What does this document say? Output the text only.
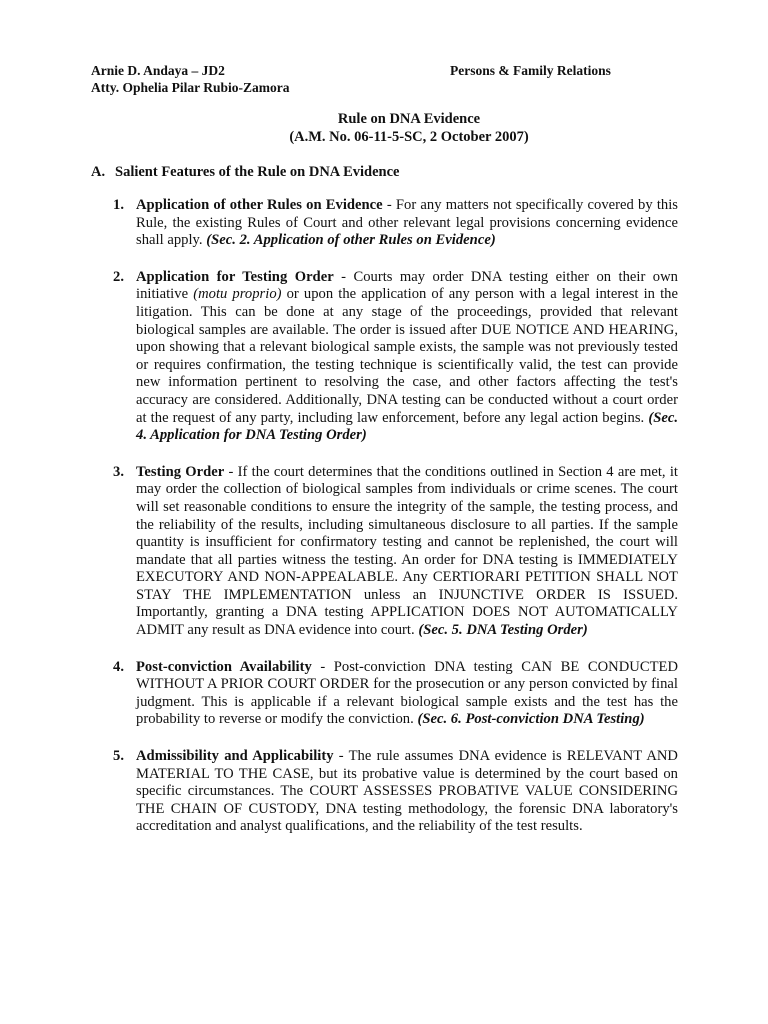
Arnie D. Andaya – JD2
Atty. Ophelia Pilar Rubio-Zamora
Persons & Family Relations
Rule on DNA Evidence
(A.M. No. 06-11-5-SC, 2 October 2007)
A. Salient Features of the Rule on DNA Evidence
1. Application of other Rules on Evidence - For any matters not specifically covered by this Rule, the existing Rules of Court and other relevant legal provisions concerning evidence shall apply. (Sec. 2. Application of other Rules on Evidence)
2. Application for Testing Order - Courts may order DNA testing either on their own initiative (motu proprio) or upon the application of any person with a legal interest in the litigation. This can be done at any stage of the proceedings, provided that relevant biological samples are available. The order is issued after DUE NOTICE AND HEARING, upon showing that a relevant biological sample exists, the sample was not previously tested or requires confirmation, the testing technique is scientifically valid, the test can provide new information pertinent to resolving the case, and other factors affecting the test's accuracy are considered. Additionally, DNA testing can be conducted without a court order at the request of any party, including law enforcement, before any legal action begins. (Sec. 4. Application for DNA Testing Order)
3. Testing Order - If the court determines that the conditions outlined in Section 4 are met, it may order the collection of biological samples from individuals or crime scenes. The court will set reasonable conditions to ensure the integrity of the sample, the testing process, and the reliability of the results, including simultaneous disclosure to all parties. If the sample quantity is insufficient for confirmatory testing and cannot be replenished, the court will mandate that all parties witness the testing. An order for DNA testing is IMMEDIATELY EXECUTORY AND NON-APPEALABLE. Any CERTIORARI PETITION SHALL NOT STAY THE IMPLEMENTATION unless an INJUNCTIVE ORDER IS ISSUED. Importantly, granting a DNA testing APPLICATION DOES NOT AUTOMATICALLY ADMIT any result as DNA evidence into court. (Sec. 5. DNA Testing Order)
4. Post-conviction Availability - Post-conviction DNA testing CAN BE CONDUCTED WITHOUT A PRIOR COURT ORDER for the prosecution or any person convicted by final judgment. This is applicable if a relevant biological sample exists and the test has the probability to reverse or modify the conviction. (Sec. 6. Post-conviction DNA Testing)
5. Admissibility and Applicability - The rule assumes DNA evidence is RELEVANT AND MATERIAL TO THE CASE, but its probative value is determined by the court based on specific circumstances. The COURT ASSESSES PROBATIVE VALUE CONSIDERING THE CHAIN OF CUSTODY, DNA testing methodology, the forensic DNA laboratory's accreditation and analyst qualifications, and the reliability of the test results.
